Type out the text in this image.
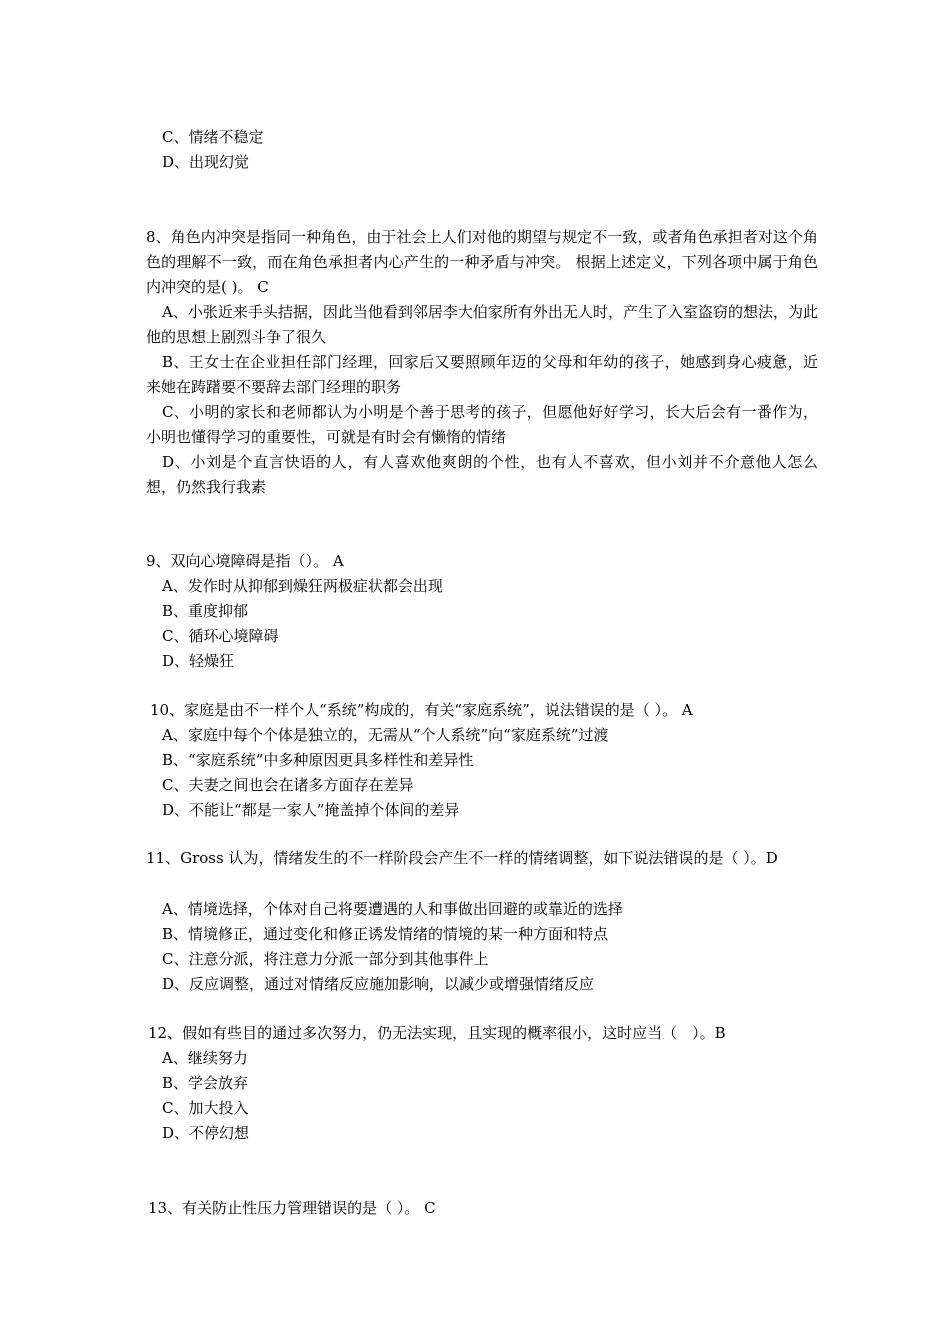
C、情绪不稳定
D、出现幻觉
8、角色内冲突是指同一种角色，由于社会上人们对他的期望与规定不一致，或者角色承担者对这个角色的理解不一致，而在角色承担者内心产生的一种矛盾与冲突。 根据上述定义，下列各项中属于角色内冲突的是( )。 C
A、小张近来手头拮据，因此当他看到邻居李大伯家所有外出无人时，产生了入室盗窃的想法，为此他的思想上剧烈斗争了很久
B、王女士在企业担任部门经理，回家后又要照顾年迈的父母和年幼的孩子，她感到身心疲惫，近来她在踌躇要不要辞去部门经理的职务
C、小明的家长和老师都认为小明是个善于思考的孩子，但愿他好好学习，长大后会有一番作为，小明也懂得学习的重要性，可就是有时会有懒惰的情绪
D、小刘是个直言快语的人，有人喜欢他爽朗的个性，也有人不喜欢，但小刘并不介意他人怎么想，仍然我行我素
9、双向心境障碍是指（）。 A
A、发作时从抑郁到燥狂两极症状都会出现
B、重度抑郁
C、循环心境障碍
D、轻燥狂
10、家庭是由不一样个人“系统”构成的，有关“家庭系统”，说法错误的是（ ）。 A
A、家庭中每个个体是独立的，无需从“个人系统”向“家庭系统”过渡
B、“家庭系统”中多种原因更具多样性和差异性
C、夫妻之间也会在诸多方面存在差异
D、不能让“都是一家人”掩盖掉个体间的差异
11、Gross 认为，情绪发生的不一样阶段会产生不一样的情绪调整，如下说法错误的是（ ）。D
A、情境选择，个体对自己将要遭遇的人和事做出回避的或靠近的选择
B、情境修正，通过变化和修正诱发情绪的情境的某一种方面和特点
C、注意分派，将注意力分派一部分到其他事件上
D、反应调整，通过对情绪反应施加影响，以减少或增强情绪反应
12、假如有些目的通过多次努力，仍无法实现，且实现的概率很小，这时应当（　）。B
A、继续努力
B、学会放弃
C、加大投入
D、不停幻想
13、有关防止性压力管理错误的是（ ）。 C
